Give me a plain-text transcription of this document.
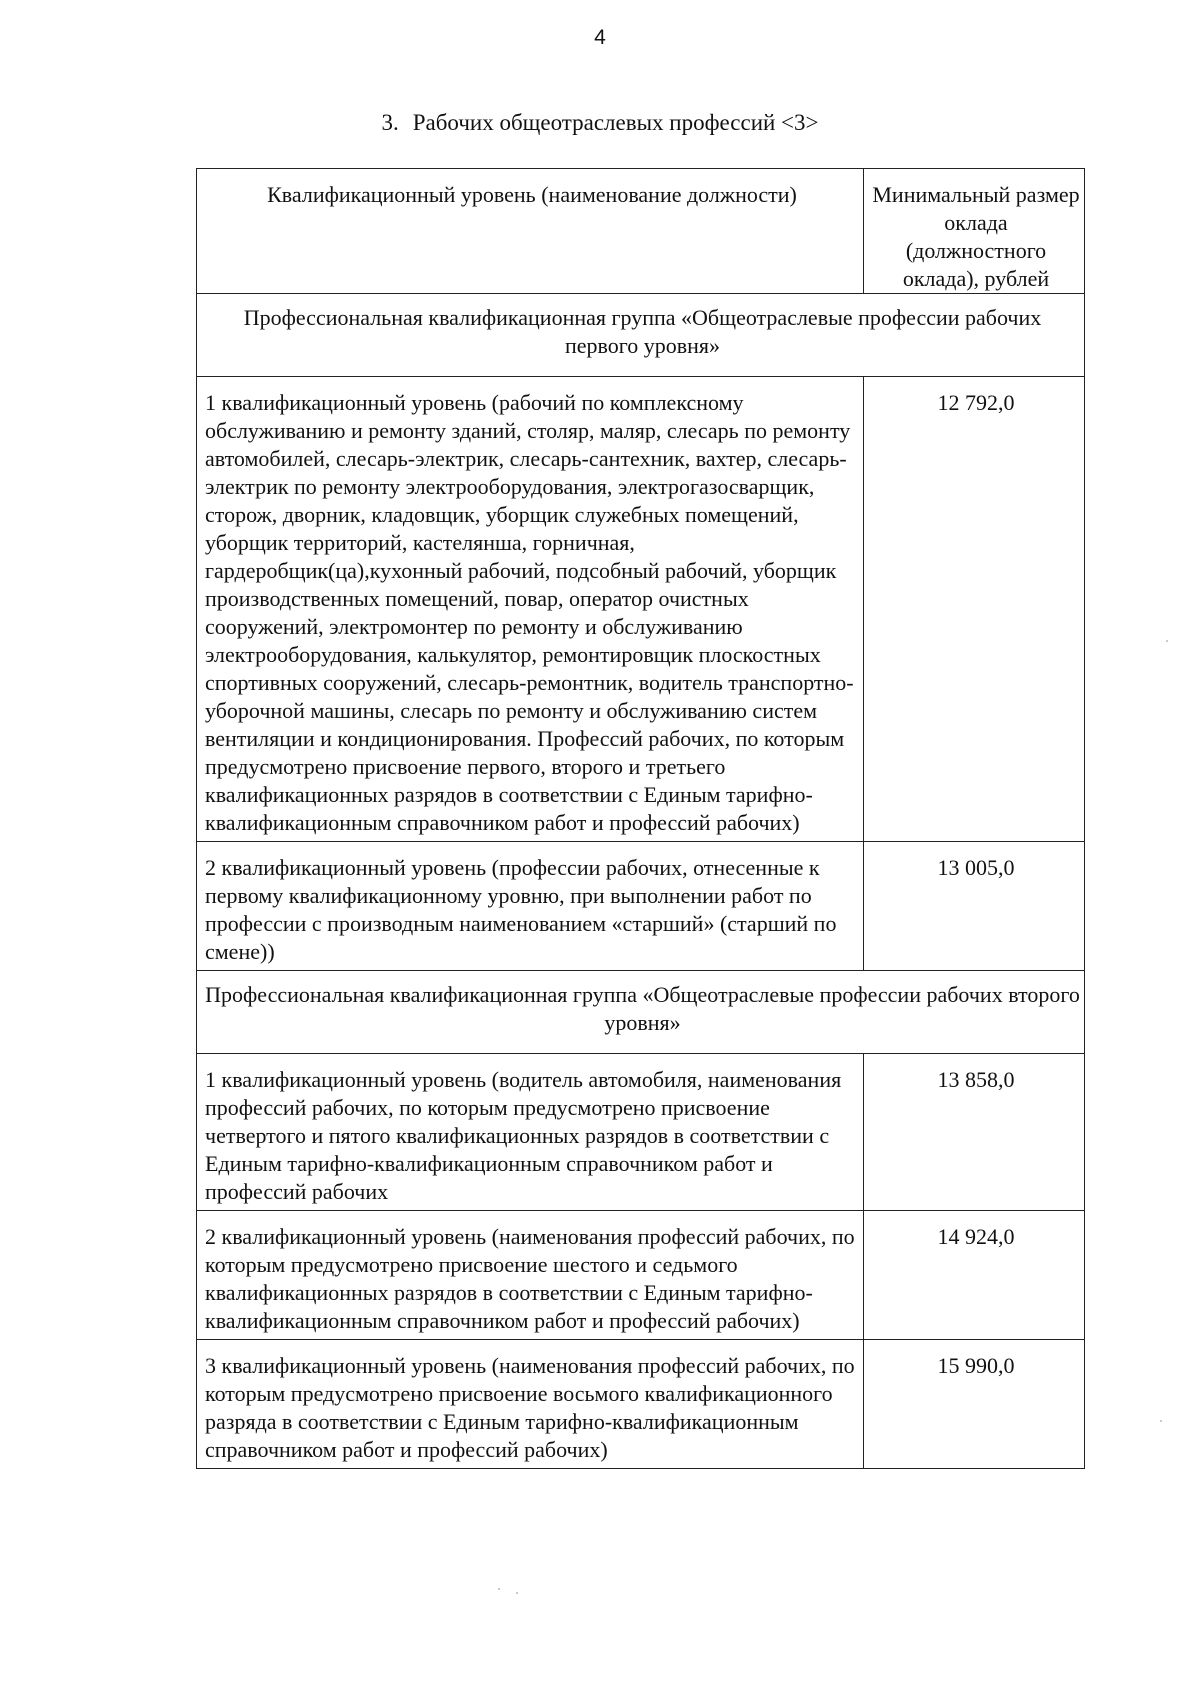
4
3. Рабочих общеотраслевых профессий <3>
Квалификационный уровень (наименование должности)	Минимальный размер оклада (должностного оклада), рублей
Профессиональная квалификационная группа «Общеотраслевые профессии рабочих первого уровня»	
1 квалификационный уровень (рабочий по комплексному обслуживанию и ремонту зданий, столяр, маляр, слесарь по ремонту автомобилей, слесарь-электрик, слесарь-сантехник, вахтер, слесарь-электрик по ремонту электрооборудования, электрогазосварщик, сторож, дворник, кладовщик, уборщик служебных помещений, уборщик территорий, кастелянша, горничная, гардеробщик(ца),кухонный рабочий, подсобный рабочий, уборщик производственных помещений, повар, оператор очистных сооружений, электромонтер по ремонту и обслуживанию электрооборудования, калькулятор, ремонтировщик плоскостных спортивных сооружений, слесарь-ремонтник, водитель транспортно-уборочной машины, слесарь по ремонту и обслуживанию систем вентиляции и кондиционирования. Профессий рабочих, по которым предусмотрено присвоение первого, второго и третьего квалификационных разрядов в соответствии с Единым тарифно-квалификационным справочником работ и профессий рабочих)	12 792,0
2 квалификационный уровень (профессии рабочих, отнесенные к первому квалификационному уровню, при выполнении работ по профессии с производным наименованием «старший» (старший по смене))	13 005,0
Профессиональная квалификационная группа «Общеотраслевые профессии рабочих второго уровня»	
1 квалификационный уровень (водитель автомобиля, наименования профессий рабочих, по которым предусмотрено присвоение четвертого и пятого квалификационных разрядов в соответствии с Единым тарифно-квалификационным справочником работ и профессий рабочих	13 858,0
2 квалификационный уровень (наименования профессий рабочих, по которым предусмотрено присвоение шестого и седьмого квалификационных разрядов в соответствии с Единым тарифно-квалификационным справочником работ и профессий рабочих)	14 924,0
3 квалификационный уровень (наименования профессий рабочих, по которым предусмотрено присвоение восьмого квалификационного разряда в соответствии с Единым тарифно-квалификационным справочником работ и профессий рабочих)	15 990,0
